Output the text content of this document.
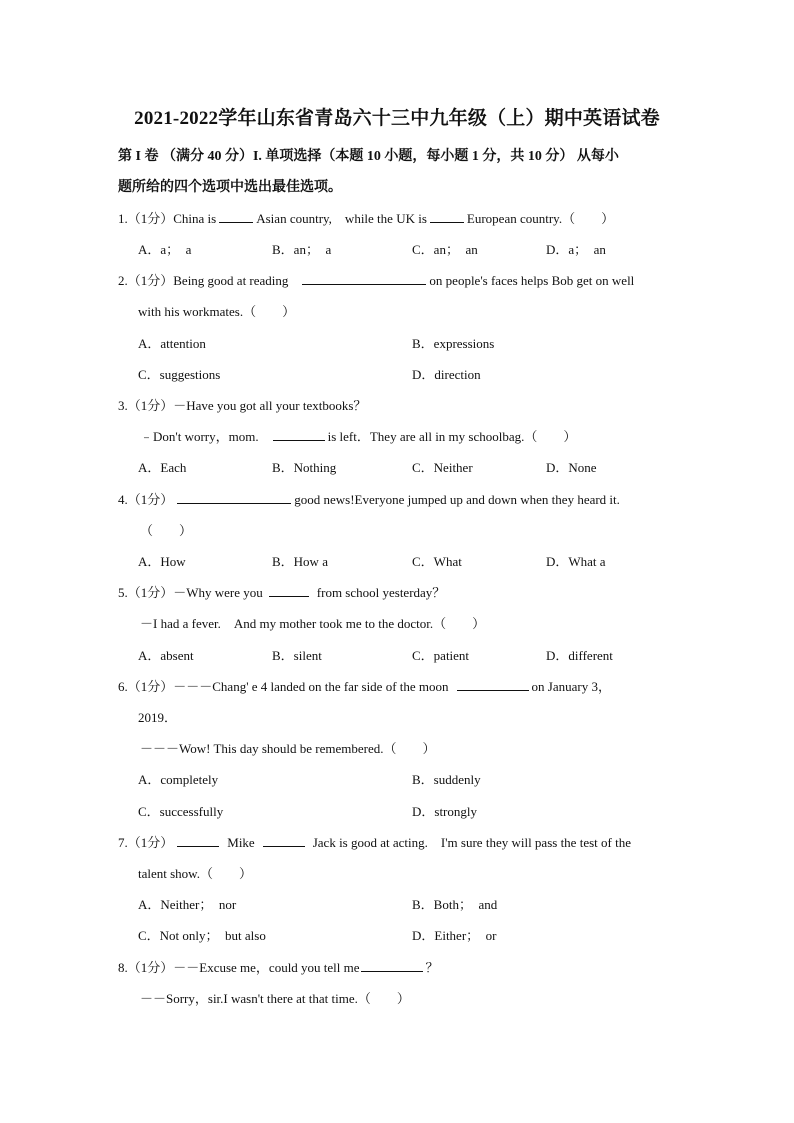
2021-2022学年山东省青岛六十三中九年级（上）期中英语试卷
第 I 卷 （满分 40 分）I. 单项选择（本题 10 小题，每小题 1 分，共 10 分） 从每小
题所给的四个选项中选出最佳选项。
1.（1分）China is	Asian country,　while the UK is	European country.（　　）
A．a；　a	B．an；　a	C．an；　an	D．a；　an
2.（1分）Being good at reading	on people's faces helps Bob get on well
with his workmates.（　　）
A．attention	B．expressions
C．suggestions	D．direction
3.（1分）－Have you got all your textbooks？
﹣Don't worry，mom.	is left．They are all in my schoolbag.（　　）
A．Each	B．Nothing	C．Neither	D．None
4.（1分）	good news!Everyone jumped up and down when they heard it.
（　　）
A．How	B．How a	C．What	D．What a
5.（1分）－Why were you	from school yesterday？
－I had a fever.　And my mother took me to the doctor.（　　）
A．absent	B．silent	C．patient	D．different
6.（1分）－－－Chang' e 4 landed on the far side of the moon	on January 3，
2019．
－－－Wow! This day should be remembered.（　　）
A．completely	B．suddenly
C．successfully	D．strongly
7.（1分）	Mike	Jack is good at acting.　I'm sure they will pass the test of the
talent show.（　　）
A．Neither；　nor	B．Both；　and
C．Not only；　but also	D．Either；　or
8.（1分）－－Excuse me，could you tell me	？
－－Sorry，sir.I wasn't there at that time.（　　）
